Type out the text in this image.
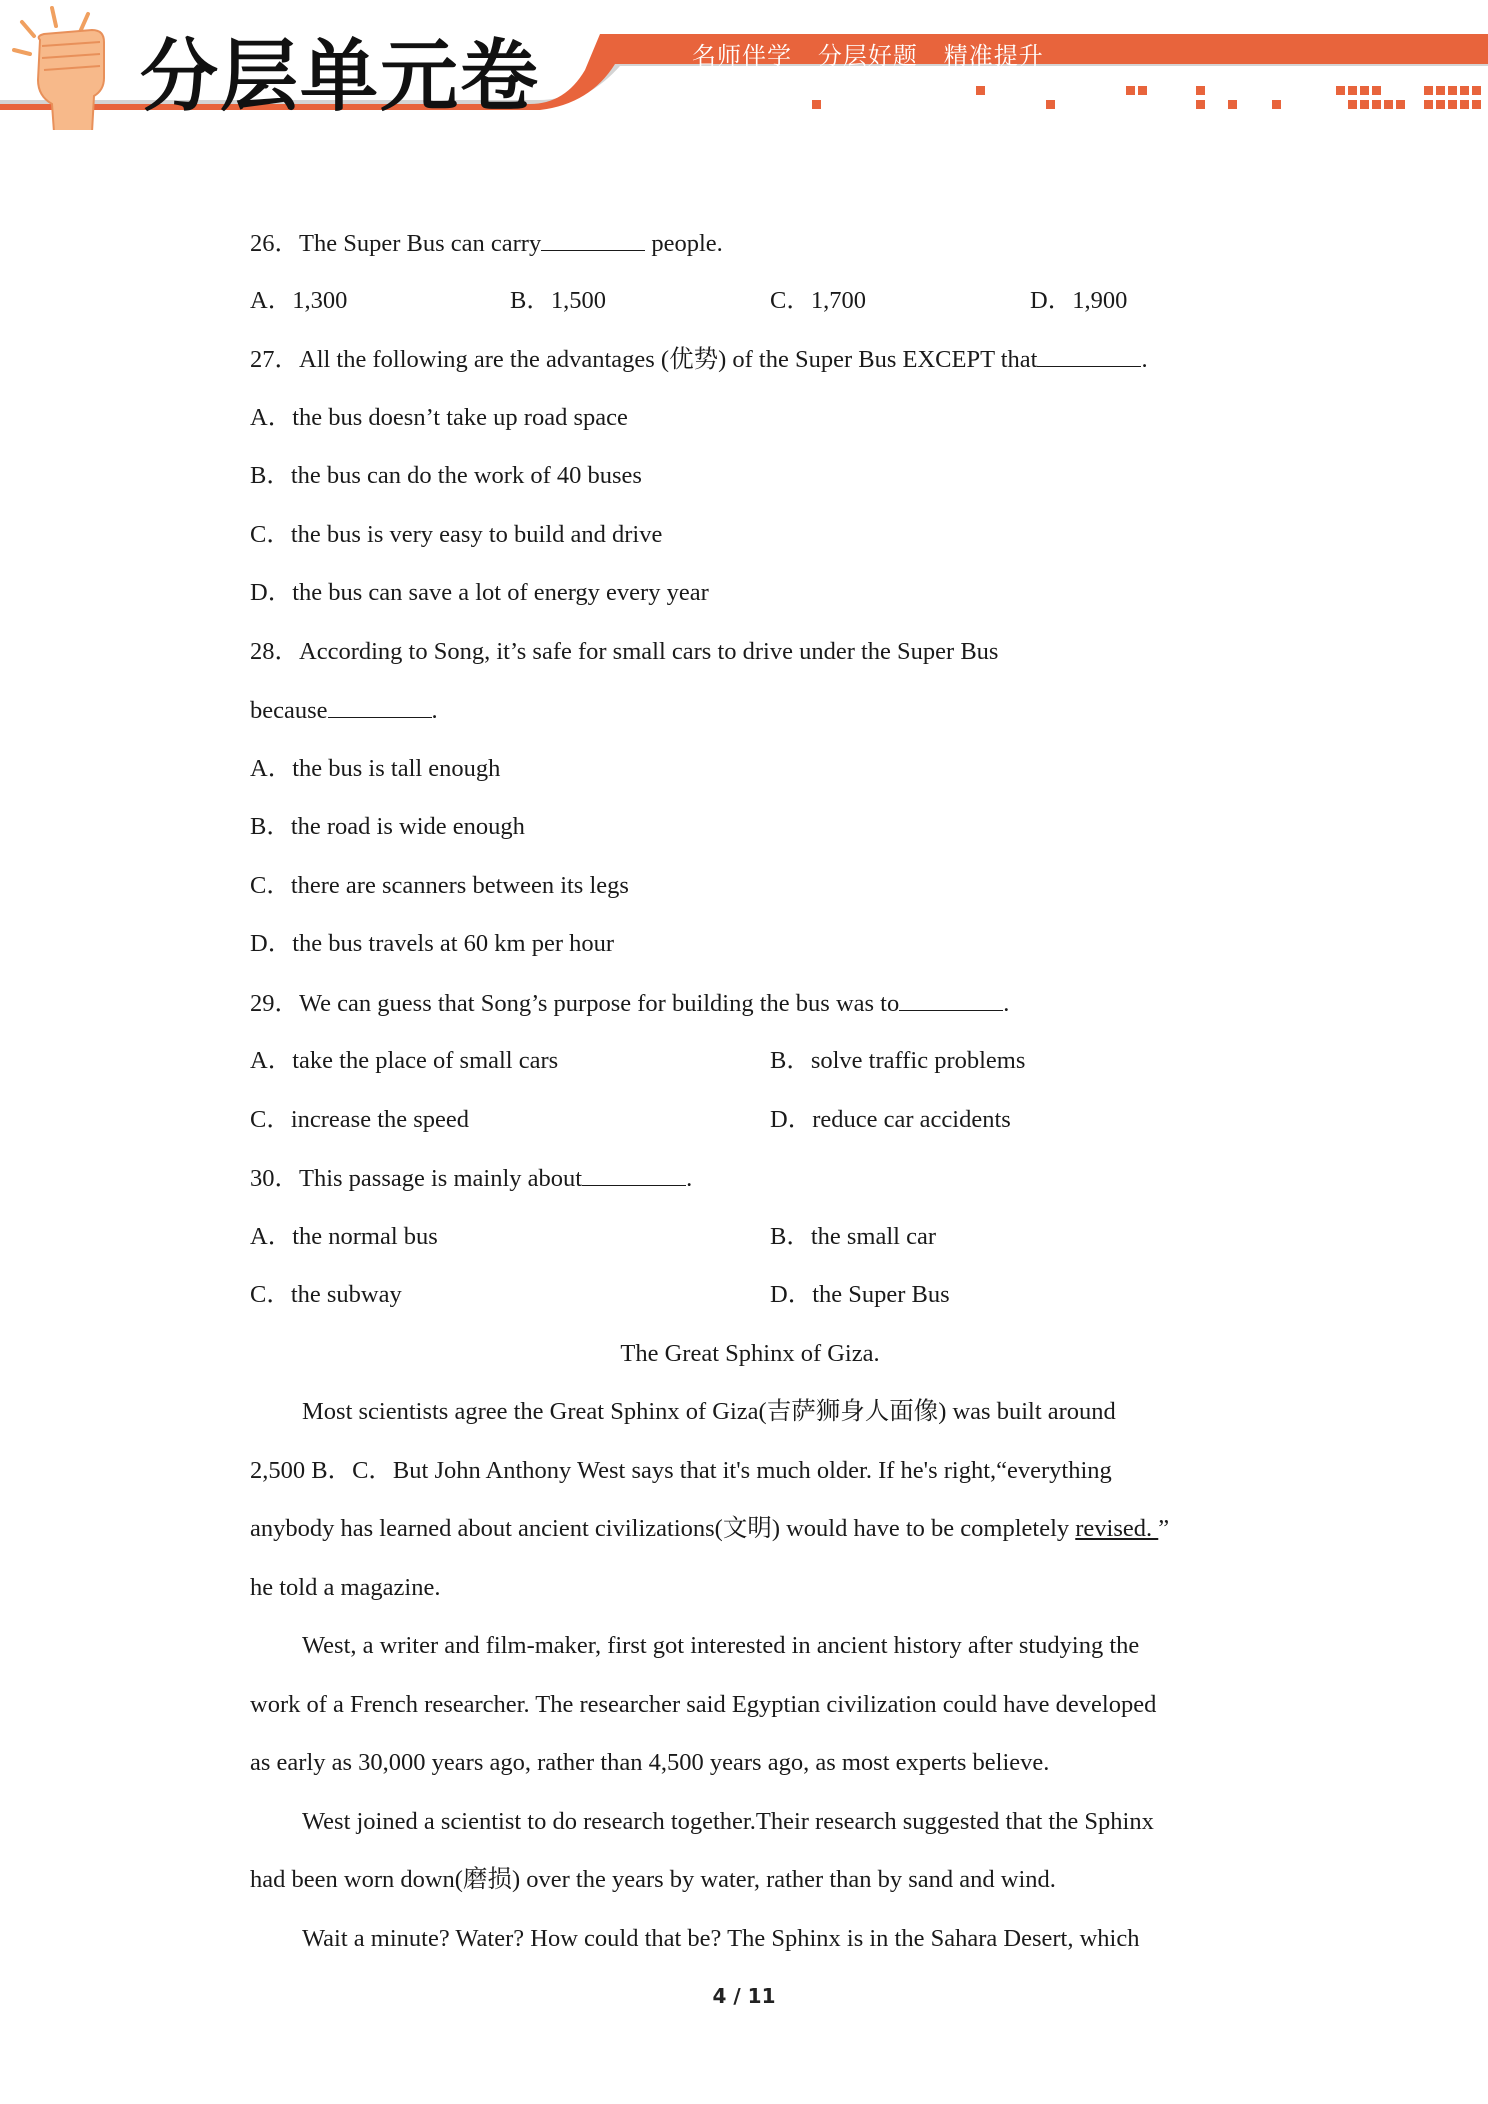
分层单元卷	名师伴学   分层好题   精准提升
26．The Super Bus can carry	people.
A．1,300	B．1,500	C．1,700	D．1,900
27．All the following are the advantages (优势) of the Super Bus EXCEPT that	.
A．the bus doesn’t take up road space
B．the bus can do the work of 40 buses
C．the bus is very easy to build and drive
D．the bus can save a lot of energy every year
28．According to Song, it’s safe for small cars to drive under the Super Bus
because	.
A．the bus is tall enough
B．the road is wide enough
C．there are scanners between its legs
D．the bus travels at 60 km per hour
29．We can guess that Song’s purpose for building the bus was to	.
A．take the place of small cars	B．solve traffic problems
C．increase the speed	D．reduce car accidents
30．This passage is mainly about	.
A．the normal bus	B．the small car
C．the subway	D．the Super Bus
The Great Sphinx of Giza.
Most scientists agree the Great Sphinx of Giza(吉萨狮身人面像) was built around
2,500 B．C．But John Anthony West says that it's much older. If he's right,“everything
anybody has learned about ancient civilizations(文明) would have to be completely revised. ”
he told a magazine.
West, a writer and film-maker, first got interested in ancient history after studying the
work of a French researcher. The researcher said Egyptian civilization could have developed
as early as 30,000 years ago, rather than 4,500 years ago, as most experts believe.
West joined a scientist to do research together.Their research suggested that the Sphinx
had been worn down(磨损) over the years by water, rather than by sand and wind.
Wait a minute? Water? How could that be? The Sphinx is in the Sahara Desert, which
4 / 11
